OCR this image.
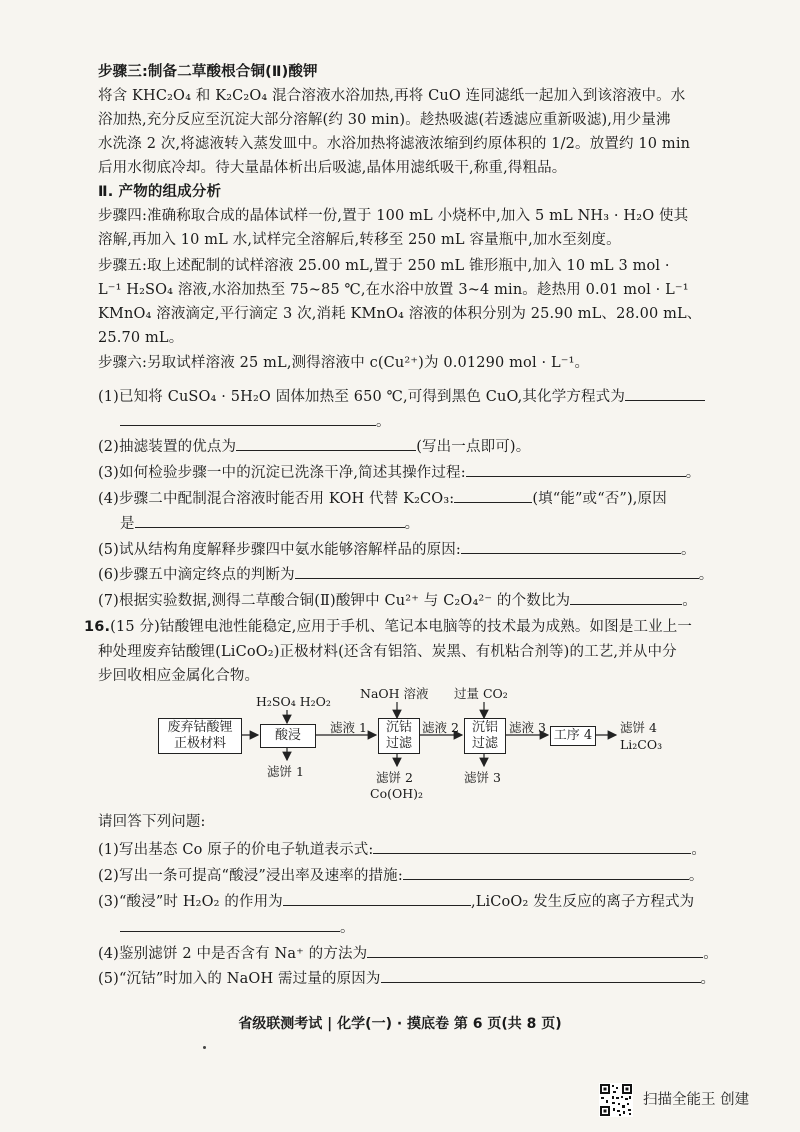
步骤三:制备二草酸根合铜(Ⅱ)酸钾
将含 KHC₂O₄ 和 K₂C₂O₄ 混合溶液水浴加热,再将 CuO 连同滤纸一起加入到该溶液中。水
浴加热,充分反应至沉淀大部分溶解(约 30 min)。趁热吸滤(若透滤应重新吸滤),用少量沸
水洗涤 2 次,将滤液转入蒸发皿中。水浴加热将滤液浓缩到约原体积的 1/2。放置约 10 min
后用水彻底冷却。待大量晶体析出后吸滤,晶体用滤纸吸干,称重,得粗品。
Ⅱ. 产物的组成分析
步骤四:准确称取合成的晶体试样一份,置于 100 mL 小烧杯中,加入 5 mL NH₃ · H₂O 使其
溶解,再加入 10 mL 水,试样完全溶解后,转移至 250 mL 容量瓶中,加水至刻度。
步骤五:取上述配制的试样溶液 25.00 mL,置于 250 mL 锥形瓶中,加入 10 mL 3 mol ·
L⁻¹ H₂SO₄ 溶液,水浴加热至 75~85 ℃,在水浴中放置 3~4 min。趁热用 0.01 mol · L⁻¹
KMnO₄ 溶液滴定,平行滴定 3 次,消耗 KMnO₄ 溶液的体积分别为 25.90 mL、28.00 mL、
25.70 mL。
步骤六:另取试样溶液 25 mL,测得溶液中 c(Cu²⁺)为 0.01290 mol · L⁻¹。
(1)已知将 CuSO₄ · 5H₂O 固体加热至 650 ℃,可得到黑色 CuO,其化学方程式为
。
(2)抽滤装置的优点为	(写出一点即可)。
(3)如何检验步骤一中的沉淀已洗涤干净,简述其操作过程:	。
(4)步骤二中配制混合溶液时能否用 KOH 代替 K₂CO₃:	(填“能”或“否”),原因
是	。
(5)试从结构角度解释步骤四中氨水能够溶解样品的原因:	。
(6)步骤五中滴定终点的判断为	。
(7)根据实验数据,测得二草酸合铜(Ⅱ)酸钾中 Cu²⁺ 与 C₂O₄²⁻ 的个数比为	。
16.(15 分)钴酸锂电池性能稳定,应用于手机、笔记本电脑等的技术最为成熟。如图是工业上一
种处理废弃钴酸锂(LiCoO₂)正极材料(还含有铝箔、炭黑、有机粘合剂等)的工艺,并从中分
步回收相应金属化合物。
废弃钴酸锂
正极材料
酸浸
沉钴
过滤
沉铝
过滤
工序 4
H₂SO₄ H₂O₂
NaOH 溶液 过量 CO₂
滤液 1	滤液 2	滤液 3	滤饼 4
Li₂CO₃
滤饼 1	滤饼 2
Co(OH)₂
滤饼 3
请回答下列问题:
(1)写出基态 Co 原子的价电子轨道表示式:	。
(2)写出一条可提高“酸浸”浸出率及速率的措施:	。
(3)“酸浸”时 H₂O₂ 的作用为	,LiCoO₂ 发生反应的离子方程式为
。
(4)鉴别滤饼 2 中是否含有 Na⁺ 的方法为	。
(5)“沉钴”时加入的 NaOH 需过量的原因为	。
省级联测考试 | 化学(一) · 摸底卷 第 6 页(共 8 页)
扫描全能王 创建
